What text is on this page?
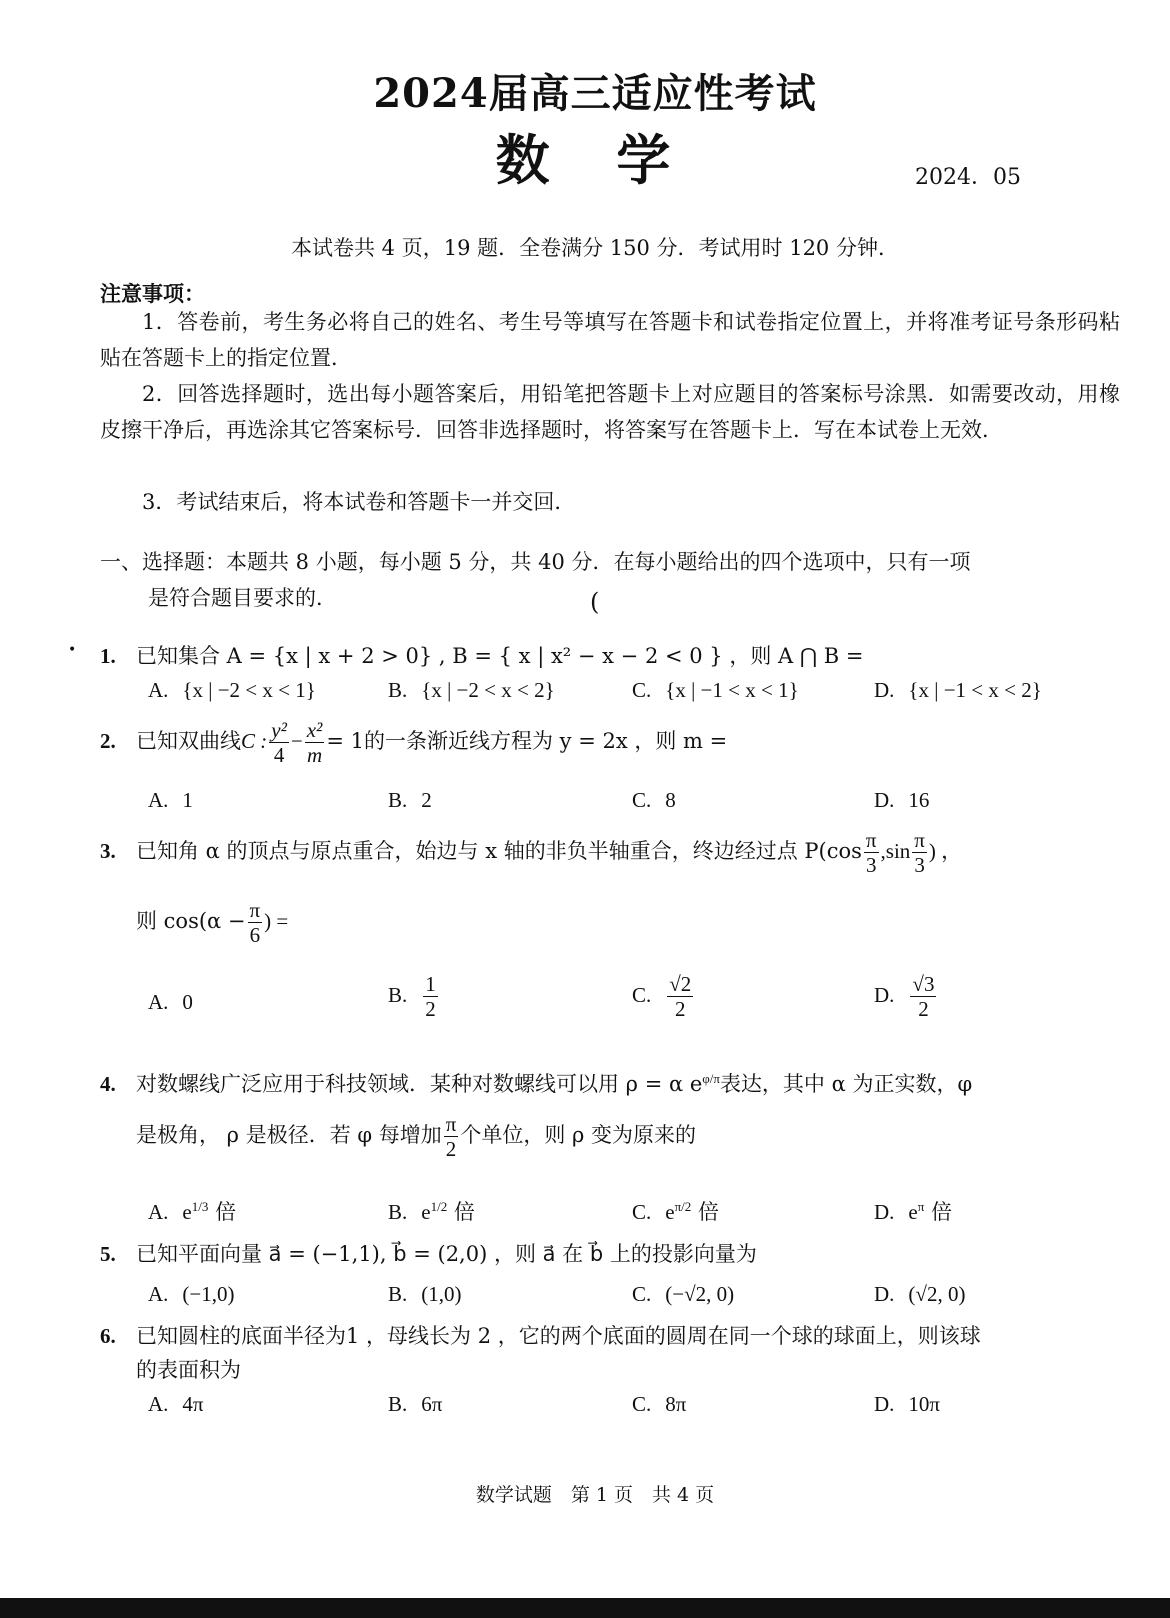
2024届高三适应性考试
数 学	2024．05
本试卷共 4 页，19 题．全卷满分 150 分．考试用时 120 分钟．
注意事项：
1．答卷前，考生务必将自己的姓名、考生号等填写在答题卡和试卷指定位置上，并将准考证号条形码粘贴在答题卡上的指定位置．
2．回答选择题时，选出每小题答案后，用铅笔把答题卡上对应题目的答案标号涂黑．如需要改动，用橡皮擦干净后，再选涂其它答案标号．回答非选择题时，将答案写在答题卡上．写在本试卷上无效．
3．考试结束后，将本试卷和答题卡一并交回．
一、选择题：本题共 8 小题，每小题 5 分，共 40 分．在每小题给出的四个选项中，只有一项
是符合题目要求的．	(
• 1. 已知集合 A = {x | x + 2 > 0} , B = { x | x² − x − 2 < 0 } ，则 A ⋂ B =
A. {x | −2 < x < 1}	B. {x | −2 < x < 2}	C. {x | −1 < x < 1}	D. {x | −1 < x < 2}
2. 已知双曲线C : $\frac{\text{y²}}{4} - \frac{\text{x²}}{m} = 1$的一条渐近线方程为 y = 2x ，则 m =
A. 1	B. 2	C. 8	D. 16
3. 已知角 α 的顶点与原点重合，始边与 x 轴的非负半轴重合，终边经过点 $P(\cos \frac{\pi}{3} ,\sin \frac{\pi}{3}$ ) ，
则 $\cos(\alpha - \frac{\pi}{6}$ ) =
A. 0	B. $\frac{1}{2}$	C. $\frac{√2}{2}$	D. $\frac{√3}{2}$
4. 对数螺线广泛应用于科技领域．某种对数螺线可以用 ρ = α $e^{\varphi/\pi}$表达，其中 α 为正实数，φ
是极角， ρ 是极径．若 φ 每增加 $\frac{\pi}{2}$ 个单位，则 ρ 变为原来的
A. $e^{1/3}$ 倍	B. $e^{1/2}$ 倍	C. $e^{\pi/2}$ 倍	D. $e^\pi$ 倍
5. 已知平面向量 a⃗ = (−1,1), b⃗ = (2,0) ，则 a⃗ 在 b⃗ 上的投影向量为
A. (−1,0)	B. (1,0)	C. (−√2, 0)	D. (√2, 0)
6. 已知圆柱的底面半径为1 ，母线长为 2 ，它的两个底面的圆周在同一个球的球面上，则该球
的表面积为
A. 4π	B. 6π	C. 8π	D. 10π
数学试题　第 1 页　共 4 页
